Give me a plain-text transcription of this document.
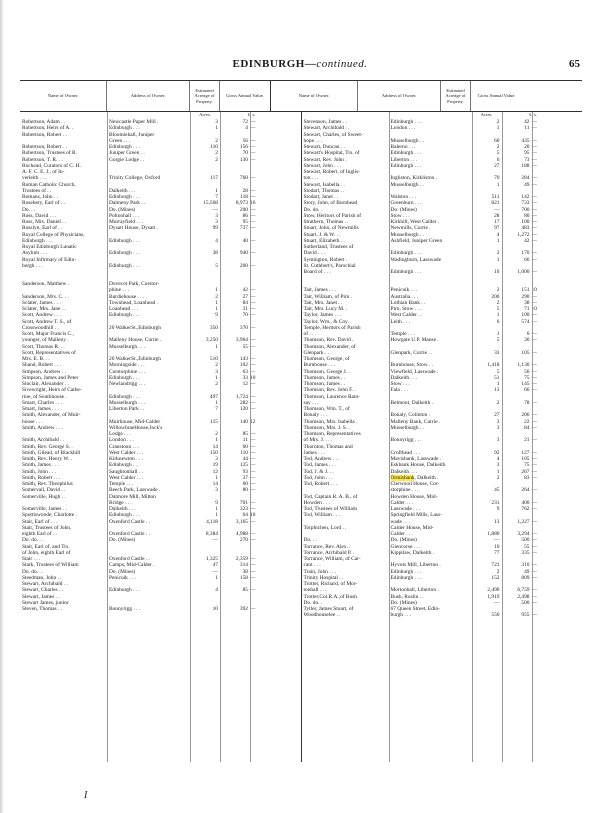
EDINBURGH—continued.	65
Name of Owner.	Address of Owner.
Estimated Acreage of Property.
Gross Annual Value.	Name of Owner.	Address of Owner.
Estimated Acreage of Property.
Gross Annual Value.
Acres.	£ s.
Robertson, Adam . .	Newcastle Paper Mill .	3	72 —
Robertson, Heirs of A. .	Edinburgh . . .	1	4 —
Robertson, Robert . .	Bloomiehall, Juniper
Green . . .	2	56 —
Robertson, Robert . .	Edinburgh . . .	110	156 —
Robertson, Trustees of R.	Juniper Green . .	2	70 —
Robertson, T. R. . .	Gorgie Lodge . .	2	130 —
Rochead, Curators of C. H.
A. F. C. E. J., of In-
verleith . . .	Trinity College, Oxford	117	760 —
Roman Catholic Church,
Trustees of . .	Dalkeith . . .	1	28 —
Romans, John . .	Edinburgh . . .	7	118 —
Rosebery, Earl of . .	Dalmeny Park . .	15,568	8,973 16
Do. . .	Do. (Mines)	—	200 —
Ross, David . . .	Poltonhall . . .	3	86 —
Ross, Mrs. Daniel . .	Murrayfield . . .	3	95 —
Rosslyn, Earl of . .	Dysart House, Dysart .	99	737 —
Royal College of Physicians,
Edinburgh . . .	Edinburgh . . .	4	40 —
Royal Edinburgh Lunatic
Asylum . . .	Edinburgh . . .	38	940 —
Royal Infirmary of Edin-
burgh . . .	Edinburgh . . .	5	200 —
Sanderson, Matthew .	Dovecot Park, Corstor-
phine . . .	1	42 —
Sanderson, Mrs. C. . .	Burdiehouse . . .	2	27 —
Sclater, James . . .	Townhead, Loanhead .	1	84 —
Sclater, Mrs. Jane . .	Loanhead . . .	1	31 —
Scott, Andrew . . .	Edinburgh . . .	9	70 —
Scott, Andrew T. S., of
Crosswoodhill . .	20 WalkerSt.,Edinburgh	350	370 —
Scott, Major Francis C.,
younger, of Malleny .	Malleny House, Currie .	3,250	3,964 —
Scott, Thomas R. . .	Musselburgh . . .	1	55 —
Scott, Representatives of
Mrs. E. B. . .	20 WalkerSt.,Edinburgh	510	143 —
Shand, Robert . . .	Morningside . . .	2	102 —
Simpson, Andrew . .	Corstorphine . . .	3	63 —
Simpson, James and Peter	Edinburgh . . .	1	33 10
Sinclair, Alexander . .	Newlandrigg . . .	2	12 —
Sivewright, Heirs of Cathe-
rine, of Southhouse .	Edinburgh . . .	497	1,724 —
Smart, Charles . . .	Musselburgh . . .	1	282 —
Smart, James . . .	Liberton Park . .	7	120 —
Smith, Alexander, of Muir-
house . . .	Muirhouse, Mid-Calder	115	140 12
Smith, Andrew . . .	WillowbraeHouse,Jock's
Lodge . . .	2	85 —
Smith, Archibald . .	London . . .	1	11 —
Smith, Rev. George S. .	Cranstoun . . .	14	60 —
Smith, Gilead, of Blackhill	West Calder . . .	150	110 —
Smith, Rev. Henry W. .	Kirknewton . . .	3	44 —
Smith, James . . .	Edinburgh . . .	19	125 —
Smith, John . . .	Saughtonhall . .	12	93 —
Smith, Robert . . .	West Calder . . .	1	37 —
Smith, Rev. Theophilus	Temple . . .	14	60 —
Somervail, David . .	Beech Park, Lasswade .	3	80 —
Somerville, Hugh . .	Dalmore Mill, Milton
Bridge . . .	9	701 —
Somerville, James . .	Dalkeith . . .	1	323 —
Spottiswoode, Charlotte .	Edinburgh . . .	1	64 10
Stair, Earl of . . .	Oxenford Castle . .	4,118	3,165 —
Stair, Trustees of John,
eighth Earl of . .	Oxenford Castle . .	8,384	4,988 —
Do. do. . .	Do. (Mines)	—	270 —
Stair, Earl of, and Trs.
of John, eighth Earl of
Stair . . .	Oxenford Castle . .	1,325	2,359 —
Stark, Trustees of William	Camps, Mid-Calder .	47	314 —
Do. do. . .	Do. (Mines)	—	38 —
Steedman, John . .	Penicuik . . .	1	158 —
Stewart, Archibald . .
Stewart, Charles . .	Edinburgh . . .	4	85 —
Stewart, James . .
Stewart James, junior
Steven, Thomas . .	Bonnyrigg . . .	10	392 —
Acres.	£ s.
Stevenson, James . .	Edinburgh . . .	2	42 —
Stewart, Archibald . .	London . . .	1	11 —
Stewart, Charles, of Sweet-
hope . . .	Musselburgh . .	60	435 —
Stewart, Duncan . .	Balerno . . .	2	20 —
Stewart's Hospital, Trs. of	Edinburgh . . .	5	95 —
Stewart, Rev. John .	Liberton . . .	6	73 —
Stewart, John . . .	Edinburgh . . .	27	188 —
Stewart, Robert, of Inglis-
ton . . .	Ingliston, Kirkliston .	70	284 —
Stewart, Isabella . .	Musselburgh . .	1	49 —
Stodart, Thomas . .
Stodart, Janet . .	Walston . . .	511	142 —
Story, John, of Burnhead	Greenburn . . .	821	733 —
Do. do. .	Do. (Mines)	—	700 —
Stow, Heritors of Parish of	Stow . . .	28	80 —
Strathern, Thomas . .	Kirkhill, West Calder .	17	100 —
Stuart, John, of Newmills	Newmills, Currie .	97	483 —
Stuart, J. & W. . .	Musselburgh . .	4	1,272 —
Stuart, Elizabeth . .	Ashfield, Juniper Green	1	42 —
Sutherland, Trustees of
David . . .	Edinburgh . . .	2	170 —
Symington, Robert .	Wadingburn, Lasswade	1	66 —
St. Cuthbert's, Parochial
Board of . . .	Edinburgh . . .	10	1,000 —
Tait, James . . .	Penicuik . . .	2	151 10
Tait, William, of Pirn .	Australia . . .	200	290 —
Tait, Mrs. Janet . .	Lothian Bank . .	2	38 —
Tait, Mrs. Lucy M. .	Pirn, Stow . . .	5	71 10
Taylor, James . . .	West Calder . .	1	100 —
Taylor, Wm., & Coy. .	Leith . . .	6	574 —
Temple, Heritors of Parish
of . . .	Temple . . .	1	6 —
Thomson, Rev. David .	Howgate U.P. Manse .	5	30 —
Thomson, Alexander, of
Glenpark . . .	Glenpark, Currie . .	33	105 —
Thomson, George, of
Burnhouse . . .	Burnhouse, Stow . .	1,418	1,130 —
Thomson, George J. .	Viewfield, Lasswade .	5	56 —
Thomson, James . .	Dalkeith . . .	51	75 —
Thomson, James . .	Stow . . .	1	145 —
Thomson, Rev. John F. .	Fala . . .	13	66 —
Thomson, Laurence Ram-
say . . .	Belmont, Dalkeith .	2	78 —
Thomson, Wm. T., of
Bonaly . . .	Bonaly, Colinton .	27	206 —
Thomson, Mrs. Isabella .	Malleny Bank, Currie .	3	22 —
Thomson, Mrs. J. S. .	Musselburgh . .	3	84 —
Thomson, Representatives
of Mrs. J. . . .	Bonnyrigg . . .	3	21 —
Thornton, Thomas and
James . . .	Crofthead . . .	92	127 —
Tod, Andrew . . .	Mavisbank, Lasswade .	4	105 —
Tod, James . . .	Eskbank House, Dalkeith	3	75 —
Tod, J. & J. . .	Dalkeith . . .	1	267 —
Tod, John . . .	Ormisbank, Dalkeith .	2	83 —
Tod, Robert . . .	Clerwood House, Cor-
storphine . . .	45	264 —
Tod, Captain R. A. B., of	Howden House, Mid-
Howden . . .	Calder . . .	231	400 —
Tod, Trustees of William	Lasswade . . .	9	762 —
Tod, William . . .	Springfield Mills, Lass-
wade . . .	13	1,227 —
Torphichen, Lord . .	Calder House, Mid-
Calder . . .	1,880	3,294 —
Do. . .	Do. (Mines)	—	500 —
Torrance, Rev. Alex. .	Glencorse . . .	10	55 —
Torrance, Archibald P. .	Kippilaw, Dalkeith .	77	335 —
Torrance, William, of Car-
cant . . .	Hyvots Mill, Liberton .	723	310 —
Train, John . . .	Edinburgh . . .	2	49 —
Trinity Hospital . .	Edinburgh . . .	152	809 —
Trotter, Richard, of Mor-
tonhall . . .	Mortonhall, Liberton .	2,490	6,759 —
Trotter,Col.R.A.,of Bush	Bush, Roslin . .	1,919	2,498 —
Do. do. .	Do. (Mines)	—	500 —
Tytler, James Stuart, of	67 Queen Street, Edin-
Woodhouselee . .	burgh . . .	556	955 —
I
